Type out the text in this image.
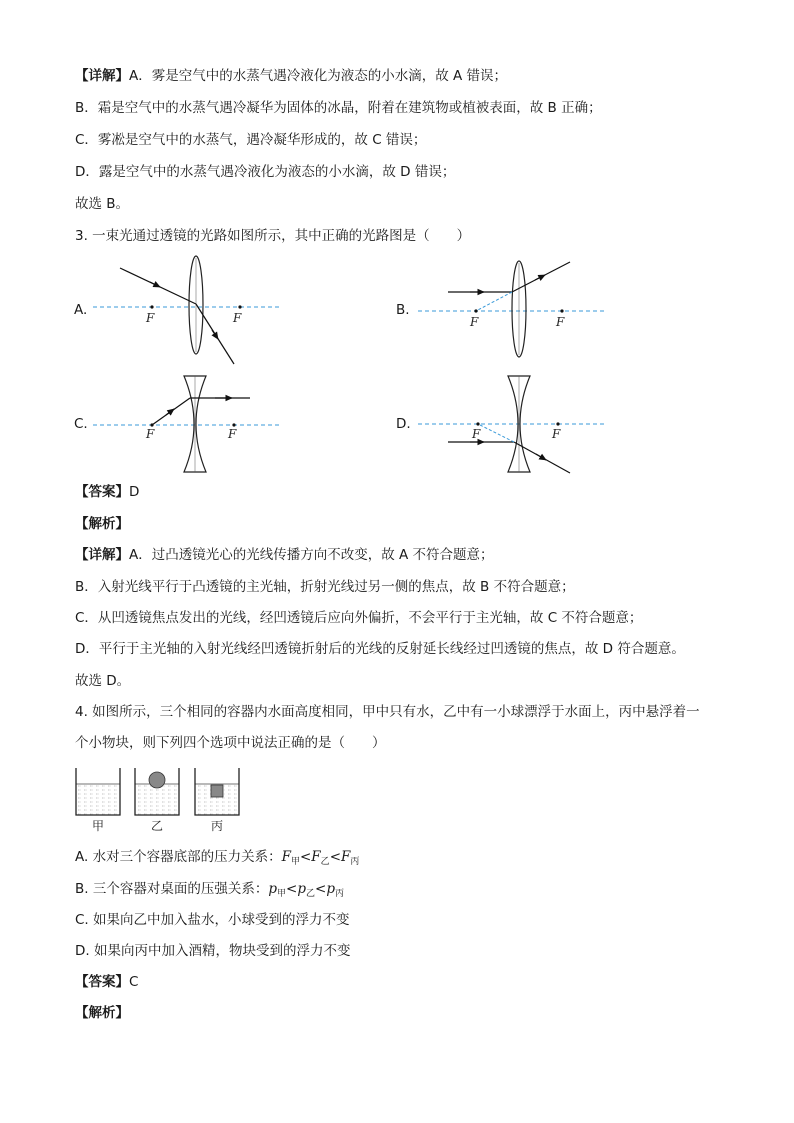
【详解】A．雾是空气中的水蒸气遇冷液化为液态的小水滴，故 A 错误；
B．霜是空气中的水蒸气遇冷凝华为固体的冰晶，附着在建筑物或植被表面，故 B 正确；
C．雾凇是空气中的水蒸气，遇冷凝华形成的，故 C 错误；
D．露是空气中的水蒸气遇冷液化为液态的小水滴，故 D 错误；
故选 B。
3. 一束光通过透镜的光路如图所示，其中正确的光路图是（　　）
A.	B.
C.	D.
F	F	F	F
F	F	F	F
【答案】D
【解析】
【详解】A．过凸透镜光心的光线传播方向不改变，故 A 不符合题意；
B．入射光线平行于凸透镜的主光轴，折射光线过另一侧的焦点，故 B 不符合题意；
C．从凹透镜焦点发出的光线，经凹透镜后应向外偏折，不会平行于主光轴，故 C 不符合题意；
D．平行于主光轴的入射光线经凹透镜折射后的光线的反射延长线经过凹透镜的焦点，故 D 符合题意。
故选 D。
4. 如图所示，三个相同的容器内水面高度相同，甲中只有水，乙中有一小球漂浮于水面上，丙中悬浮着一
个小物块，则下列四个选项中说法正确的是（　　）
甲	乙	丙
A. 水对三个容器底部的压力关系：$F_甲<F_乙<F_丙$
B. 三个容器对桌面的压强关系：$p_甲<p_乙<p_丙$
C. 如果向乙中加入盐水，小球受到的浮力不变
D. 如果向丙中加入酒精，物块受到的浮力不变
【答案】C
【解析】
